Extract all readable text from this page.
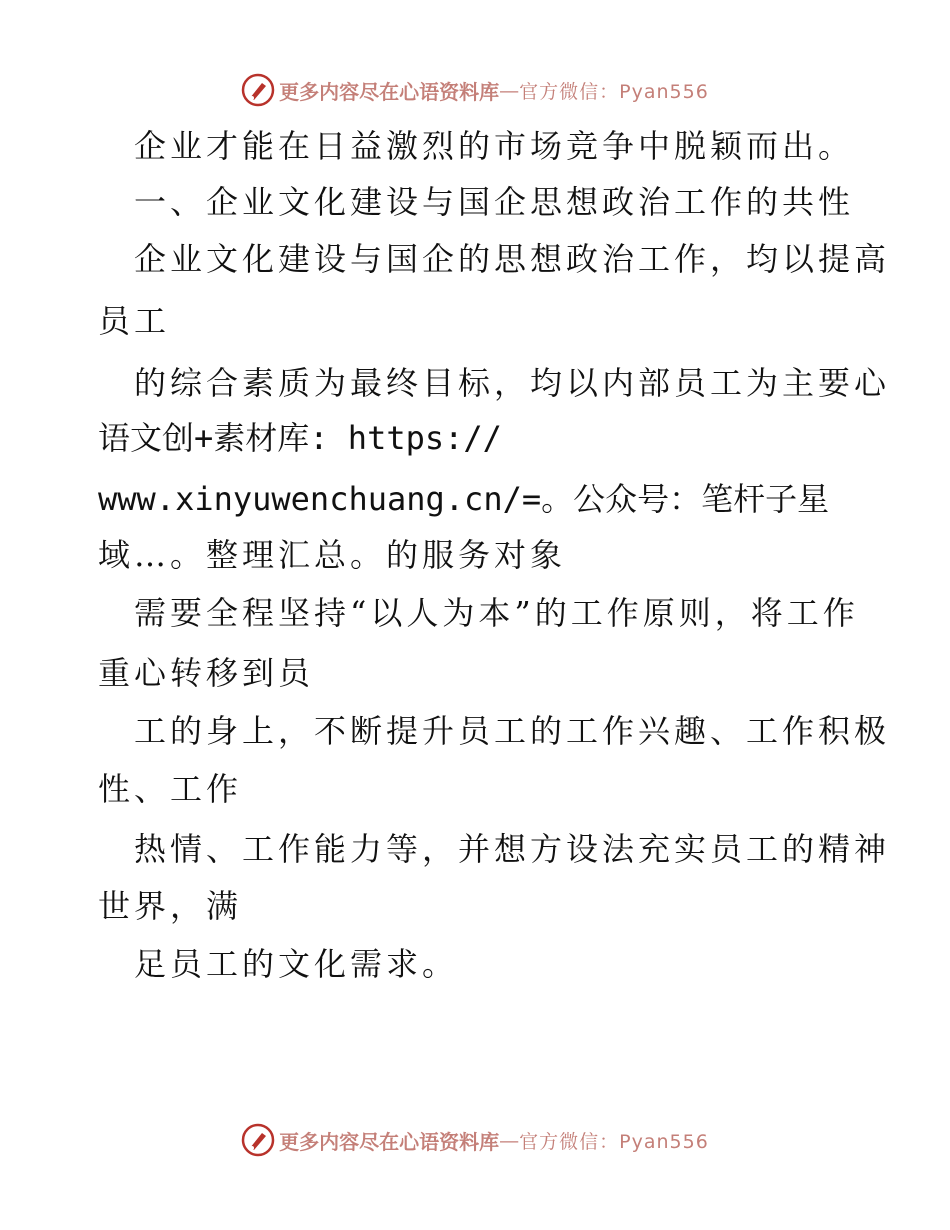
更多内容尽在心语资料库 — 官方微信：Pyan556
　企业才能在日益激烈的市场竞争中脱颖而出。
　一、企业文化建设与国企思想政治工作的共性
　企业文化建设与国企的思想政治工作，均以提高
员工
　的综合素质为最终目标，均以内部员工为主要心
语文创+素材库: https://
www.xinyuwenchuang.cn/=。公众号：笔杆子星
域…。整理汇总。的服务对象
　需要全程坚持“以人为本”的工作原则，将工作
重心转移到员
　工的身上，不断提升员工的工作兴趣、工作积极
性、工作
　热情、工作能力等，并想方设法充实员工的精神
世界，满
　足员工的文化需求。
更多内容尽在心语资料库 — 官方微信：Pyan556
